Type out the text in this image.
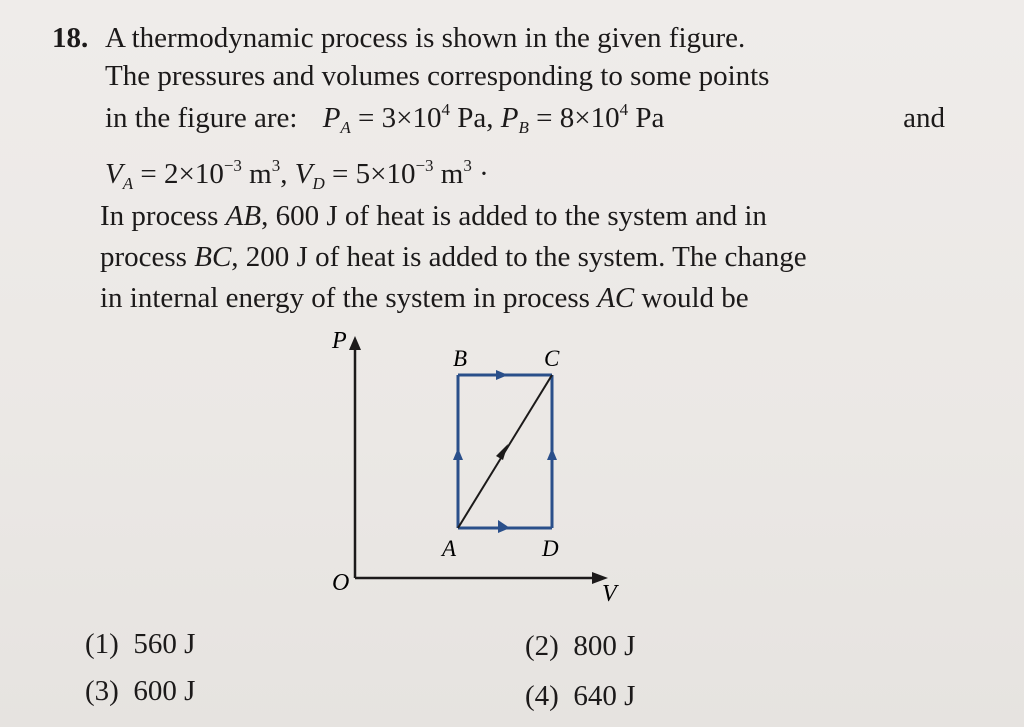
18. A thermodynamic process is shown in the given figure.
The pressures and volumes corresponding to some points
in the figure are: $P_A = 3\times 10^4$ Pa, $P_B = 8\times 10^4$ Pa	and
$V_A = 2\times 10^{-3}$ $m^3$, $V_D = 5\times 10^{-3}$ $m^3$ ·
In process AB, 600 J of heat is added to the system and in
process BC, 200 J of heat is added to the system. The change
in internal energy of the system in process AC would be
P
V
O
B	C
A	D
(1) 560 J	(2) 800 J
(3) 600 J	(4) 640 J
